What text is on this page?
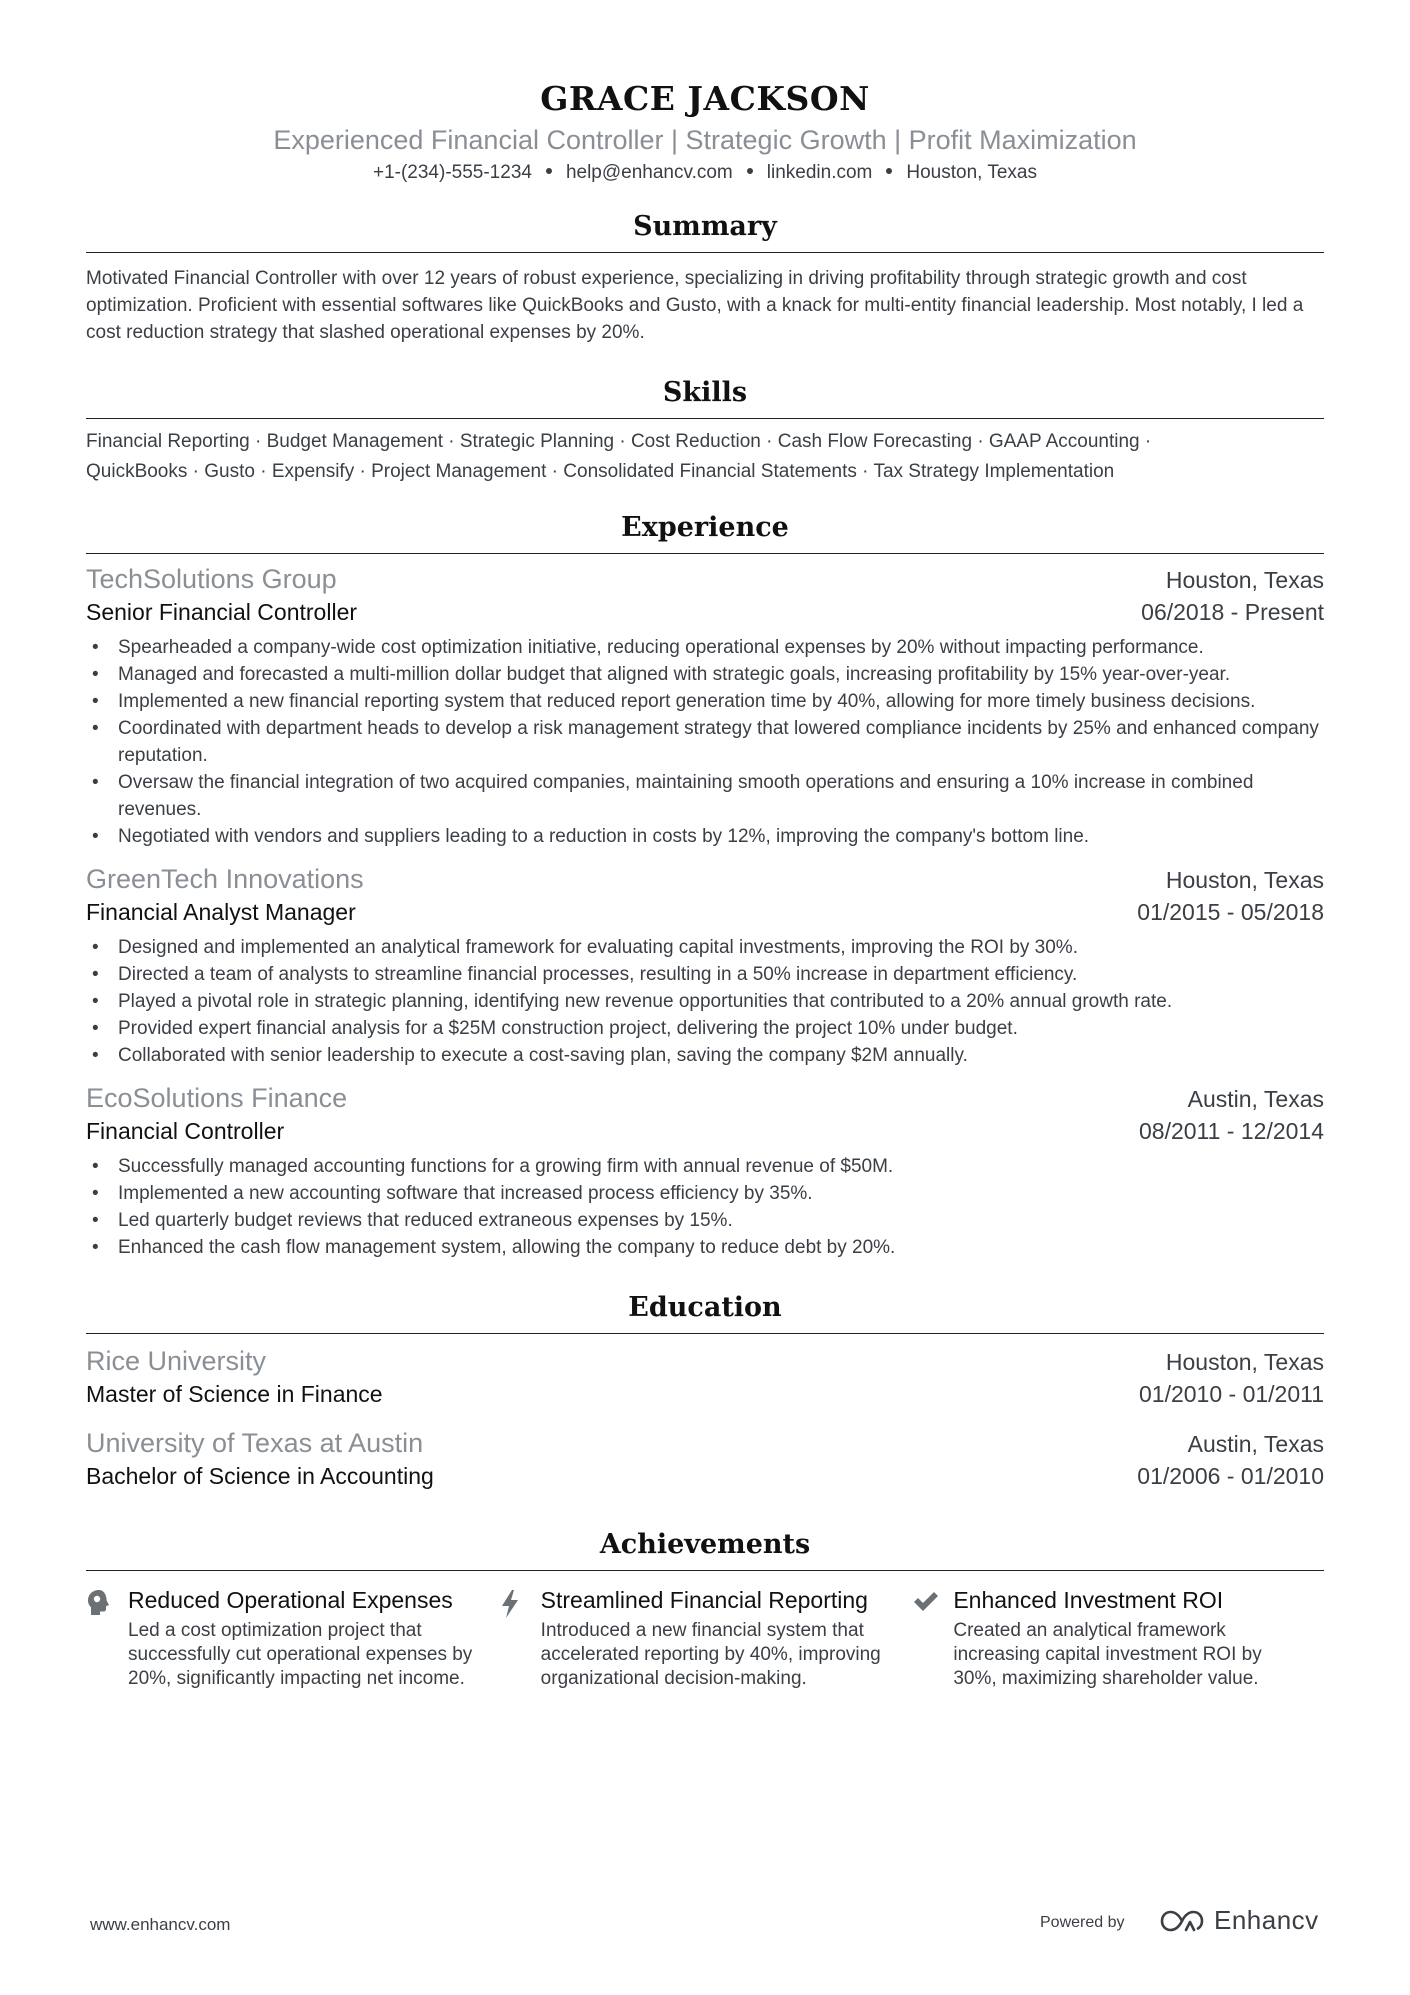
GRACE JACKSON
Experienced Financial Controller | Strategic Growth | Profit Maximization
+1-(234)-555-1234 help@enhancv.com linkedin.com Houston, Texas
Summary
Motivated Financial Controller with over 12 years of robust experience, specializing in driving profitability through strategic growth and cost optimization. Proficient with essential softwares like QuickBooks and Gusto, with a knack for multi-entity financial leadership. Most notably, I led a cost reduction strategy that slashed operational expenses by 20%.
Skills
Financial Reporting · Budget Management · Strategic Planning · Cost Reduction · Cash Flow Forecasting · GAAP Accounting · QuickBooks · Gusto · Expensify · Project Management · Consolidated Financial Statements · Tax Strategy Implementation
Experience
TechSolutions Group	Houston, Texas
Senior Financial Controller	06/2018 - Present
• Spearheaded a company-wide cost optimization initiative, reducing operational expenses by 20% without impacting performance.
• Managed and forecasted a multi-million dollar budget that aligned with strategic goals, increasing profitability by 15% year-over-year.
• Implemented a new financial reporting system that reduced report generation time by 40%, allowing for more timely business decisions.
• Coordinated with department heads to develop a risk management strategy that lowered compliance incidents by 25% and enhanced company reputation.
• Oversaw the financial integration of two acquired companies, maintaining smooth operations and ensuring a 10% increase in combined revenues.
• Negotiated with vendors and suppliers leading to a reduction in costs by 12%, improving the company's bottom line.
GreenTech Innovations	Houston, Texas
Financial Analyst Manager	01/2015 - 05/2018
• Designed and implemented an analytical framework for evaluating capital investments, improving the ROI by 30%.
• Directed a team of analysts to streamline financial processes, resulting in a 50% increase in department efficiency.
• Played a pivotal role in strategic planning, identifying new revenue opportunities that contributed to a 20% annual growth rate.
• Provided expert financial analysis for a $25M construction project, delivering the project 10% under budget.
• Collaborated with senior leadership to execute a cost-saving plan, saving the company $2M annually.
EcoSolutions Finance	Austin, Texas
Financial Controller	08/2011 - 12/2014
• Successfully managed accounting functions for a growing firm with annual revenue of $50M.
• Implemented a new accounting software that increased process efficiency by 35%.
• Led quarterly budget reviews that reduced extraneous expenses by 15%.
• Enhanced the cash flow management system, allowing the company to reduce debt by 20%.
Education
Rice University	Houston, Texas
Master of Science in Finance	01/2010 - 01/2011
University of Texas at Austin	Austin, Texas
Bachelor of Science in Accounting	01/2006 - 01/2010
Achievements
Reduced Operational Expenses
Led a cost optimization project that successfully cut operational expenses by 20%, significantly impacting net income.
Streamlined Financial Reporting
Introduced a new financial system that accelerated reporting by 40%, improving organizational decision-making.
Enhanced Investment ROI
Created an analytical framework increasing capital investment ROI by 30%, maximizing shareholder value.
www.enhancv.com	Powered by	Enhancv
